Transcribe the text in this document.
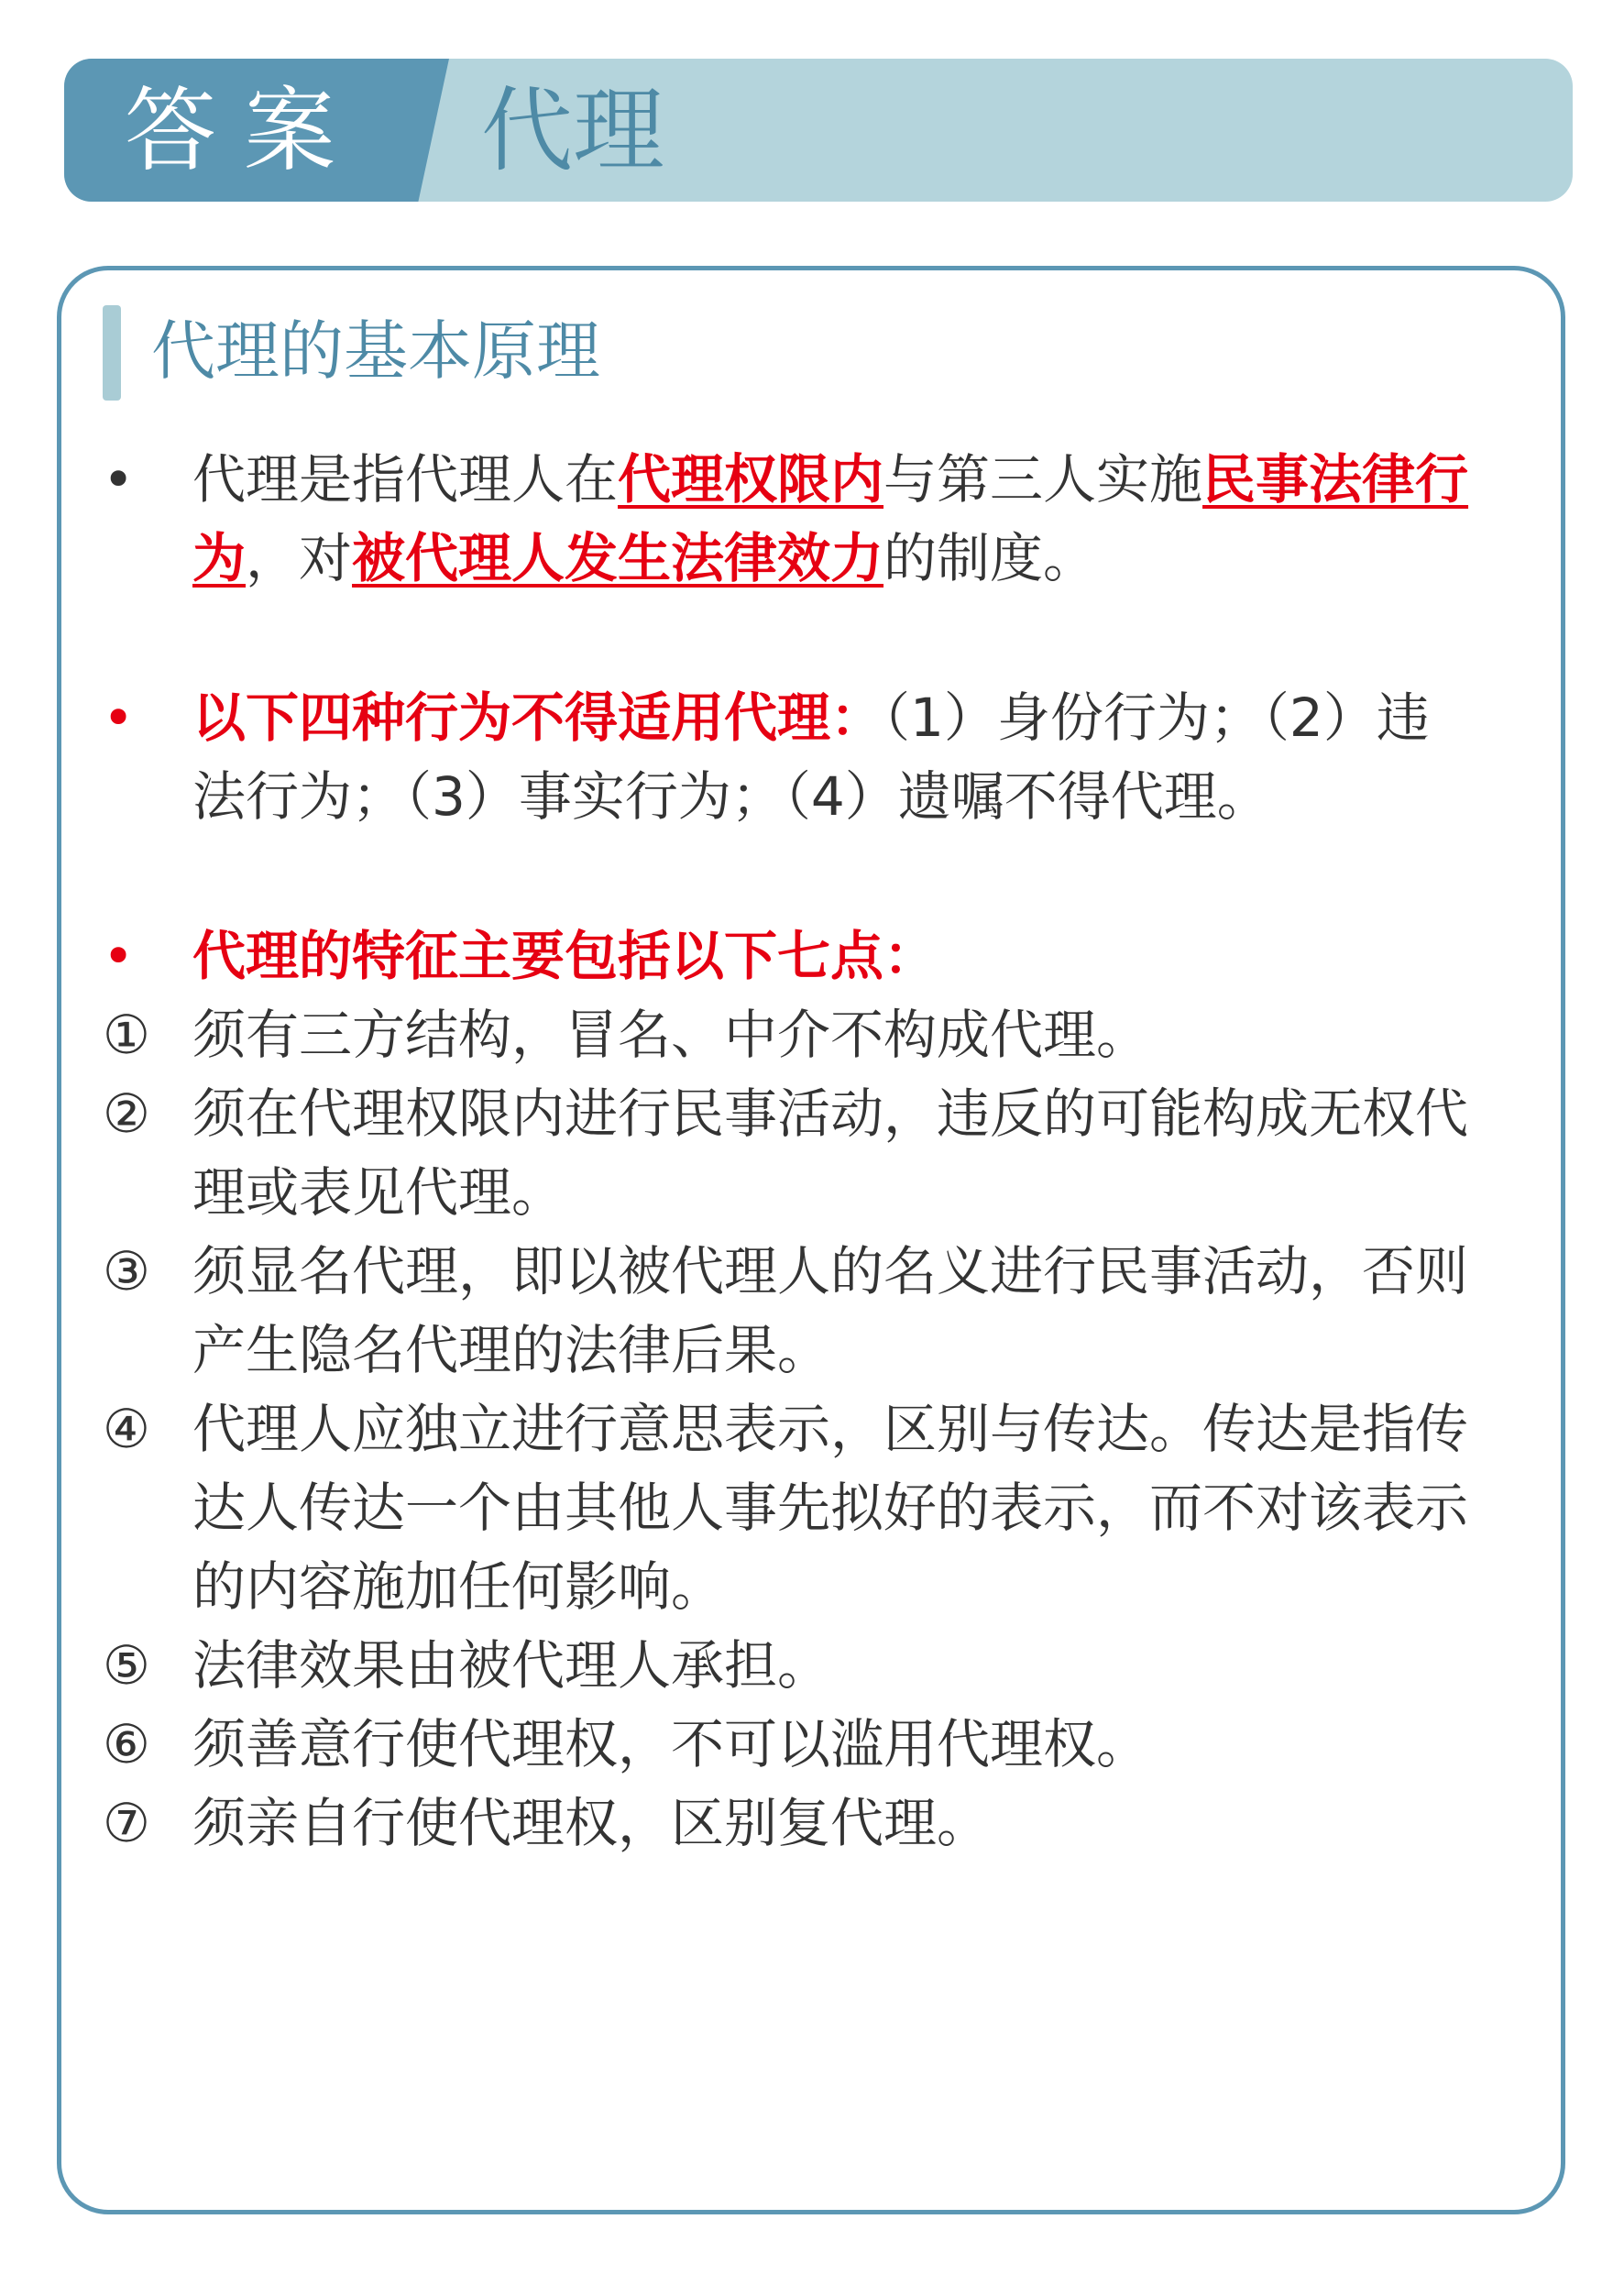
答案 代理
代理的基本原理
• 代理是指代理人在代理权限内与第三人实施民事法律行
为，对被代理人发生法律效力的制度。
• 以下四种行为不得适用代理：（1）身份行为；（2）违
法行为；（3）事实行为；（4）遗嘱不得代理。
• 代理的特征主要包括以下七点：
① 须有三方结构，冒名、中介不构成代理。
② 须在代理权限内进行民事活动，违反的可能构成无权代
理或表见代理。
③ 须显名代理，即以被代理人的名义进行民事活动，否则
产生隐名代理的法律后果。
④ 代理人应独立进行意思表示，区别与传达。传达是指传
达人传达一个由其他人事先拟好的表示，而不对该表示
的内容施加任何影响。
⑤ 法律效果由被代理人承担。
⑥ 须善意行使代理权，不可以滥用代理权。
⑦ 须亲自行使代理权，区别复代理。
